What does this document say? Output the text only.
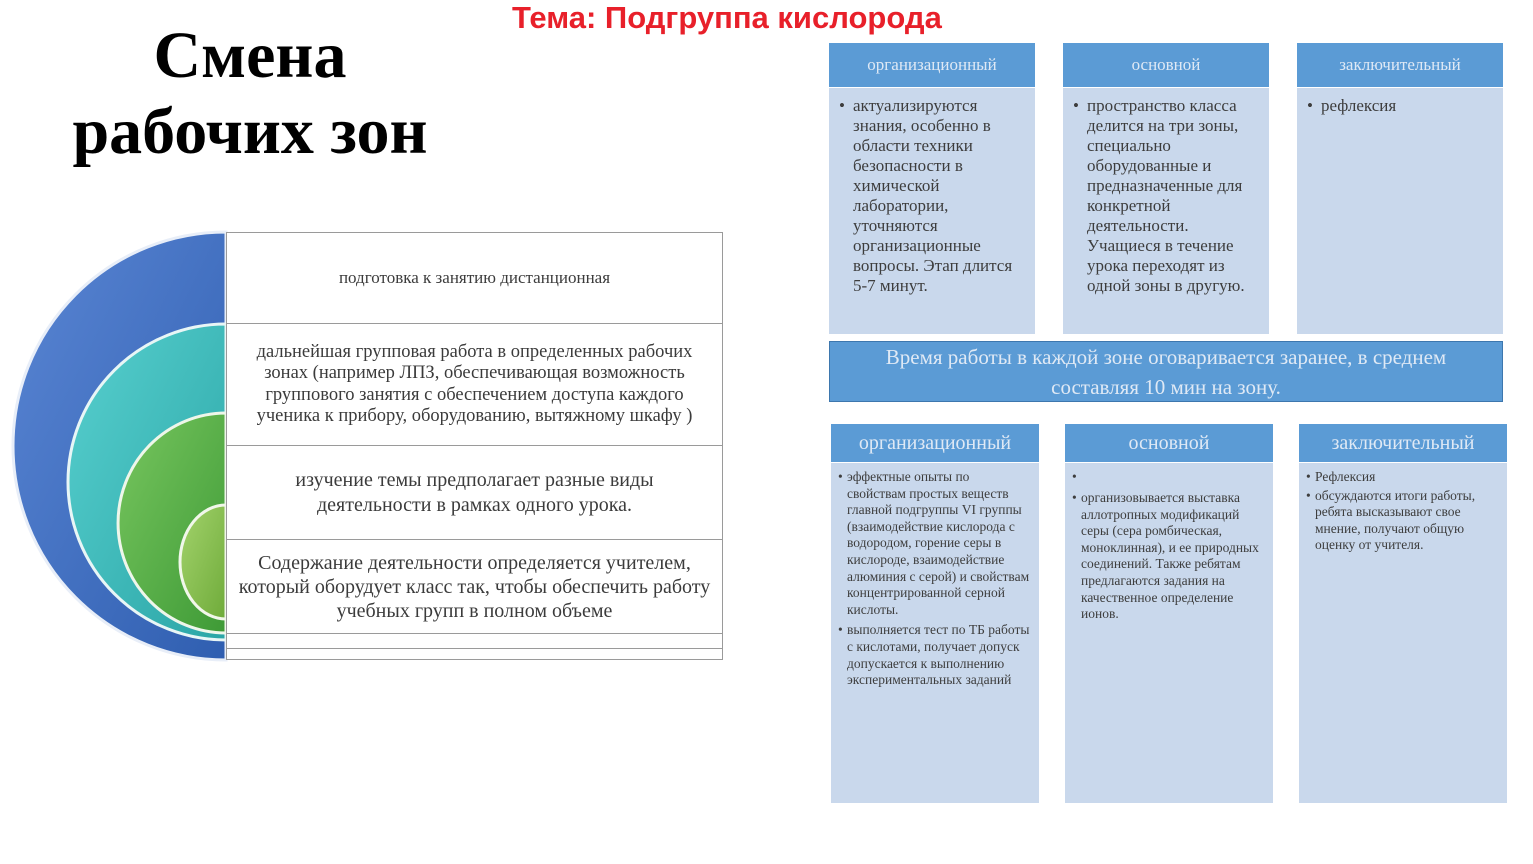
Тема: Подгруппа кислорода
Смена
рабочих зон
подготовка к занятию дистанционная
дальнейшая групповая работа в определенных рабочих зонах (например ЛПЗ, обеспечивающая возможность группового занятия с обеспечением доступа каждого ученика к прибору, оборудованию, вытяжному шкафу )
изучение темы предполагает разные виды деятельности в рамках одного урока.
Содержание деятельности определяется учителем, который оборудует класс так, чтобы обеспечить работу учебных групп в полном объеме
организационный
• актуализируются знания, особенно в области техники безопасности в химической лаборатории, уточняются организационные вопросы. Этап длится 5-7 минут.
основной
• пространство класса делится на три зоны, специально оборудованные и предназначенные для конкретной деятельности. Учащиеся в течение урока переходят из одной зоны в другую.
заключительный
• рефлексия
Время работы в каждой зоне оговаривается заранее, в среднем составляя 10 мин на зону.
организационный
• эффектные опыты по свойствам простых веществ главной подгруппы VI группы (взаимодействие кислорода с водородом, горение серы в кислороде, взаимодействие алюминия с серой) и свойствам концентрированной серной кислоты.
• выполняется тест по ТБ работы с кислотами, получает допуск допускается к выполнению экспериментальных заданий
основной
•
• организовывается выставка аллотропных модификаций серы (сера ромбическая, моноклинная), и ее природных соединений. Также ребятам предлагаются задания на качественное определение ионов.
заключительный
• Рефлексия
• обсуждаются итоги работы, ребята высказывают свое мнение, получают общую оценку от учителя.
